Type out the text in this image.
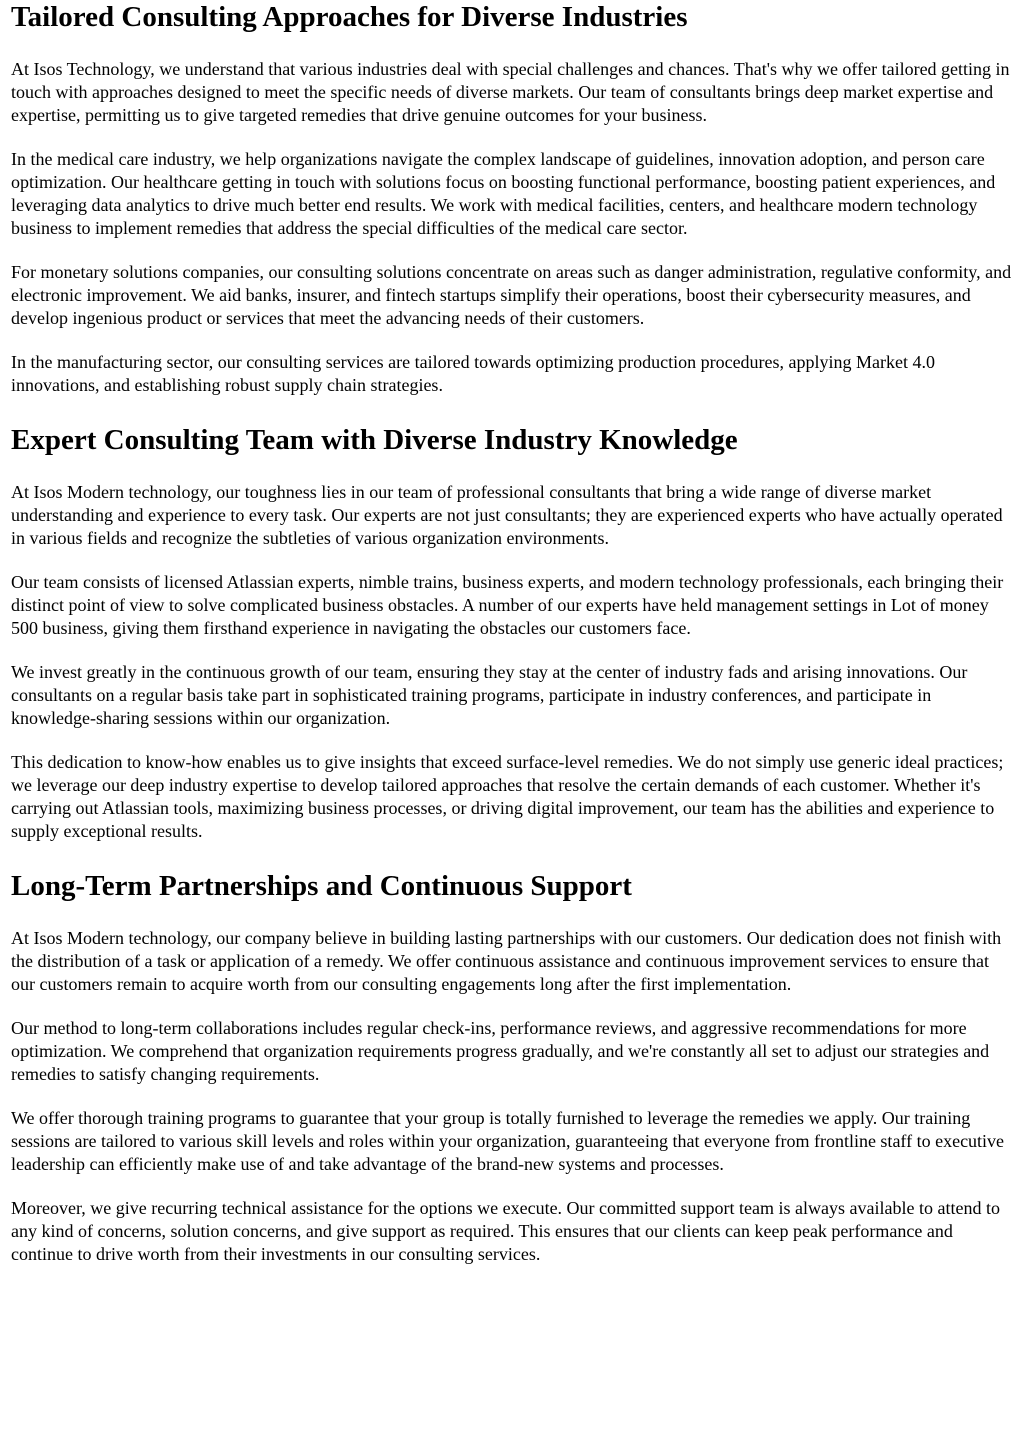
Tailored Consulting Approaches for Diverse Industries

At Isos Technology, we understand that various industries deal with special challenges and chances. That's why we offer tailored getting in touch with approaches designed to meet the specific needs of diverse markets. Our team of consultants brings deep market expertise and expertise, permitting us to give targeted remedies that drive genuine outcomes for your business.

In the medical care industry, we help organizations navigate the complex landscape of guidelines, innovation adoption, and person care optimization. Our healthcare getting in touch with solutions focus on boosting functional performance, boosting patient experiences, and leveraging data analytics to drive much better end results. We work with medical facilities, centers, and healthcare modern technology business to implement remedies that address the special difficulties of the medical care sector.

For monetary solutions companies, our consulting solutions concentrate on areas such as danger administration, regulative conformity, and electronic improvement. We aid banks, insurer, and fintech startups simplify their operations, boost their cybersecurity measures, and develop ingenious product or services that meet the advancing needs of their customers.

In the manufacturing sector, our consulting services are tailored towards optimizing production procedures, applying Market 4.0 innovations, and establishing robust supply chain strategies.

Expert Consulting Team with Diverse Industry Knowledge

At Isos Modern technology, our toughness lies in our team of professional consultants that bring a wide range of diverse market understanding and experience to every task. Our experts are not just consultants; they are experienced experts who have actually operated in various fields and recognize the subtleties of various organization environments.

Our team consists of licensed Atlassian experts, nimble trains, business experts, and modern technology professionals, each bringing their distinct point of view to solve complicated business obstacles. A number of our experts have held management settings in Lot of money 500 business, giving them firsthand experience in navigating the obstacles our customers face.

We invest greatly in the continuous growth of our team, ensuring they stay at the center of industry fads and arising innovations. Our consultants on a regular basis take part in sophisticated training programs, participate in industry conferences, and participate in knowledge-sharing sessions within our organization.

This dedication to know-how enables us to give insights that exceed surface-level remedies. We do not simply use generic ideal practices; we leverage our deep industry expertise to develop tailored approaches that resolve the certain demands of each customer. Whether it's carrying out Atlassian tools, maximizing business processes, or driving digital improvement, our team has the abilities and experience to supply exceptional results.

Long-Term Partnerships and Continuous Support

At Isos Modern technology, our company believe in building lasting partnerships with our customers. Our dedication does not finish with the distribution of a task or application of a remedy. We offer continuous assistance and continuous improvement services to ensure that our customers remain to acquire worth from our consulting engagements long after the first implementation.

Our method to long-term collaborations includes regular check-ins, performance reviews, and aggressive recommendations for more optimization. We comprehend that organization requirements progress gradually, and we're constantly all set to adjust our strategies and remedies to satisfy changing requirements.

We offer thorough training programs to guarantee that your group is totally furnished to leverage the remedies we apply. Our training sessions are tailored to various skill levels and roles within your organization, guaranteeing that everyone from frontline staff to executive leadership can efficiently make use of and take advantage of the brand-new systems and processes.

Moreover, we give recurring technical assistance for the options we execute. Our committed support team is always available to attend to any kind of concerns, solution concerns, and give support as required. This ensures that our clients can keep peak performance and continue to drive worth from their investments in our consulting services.
